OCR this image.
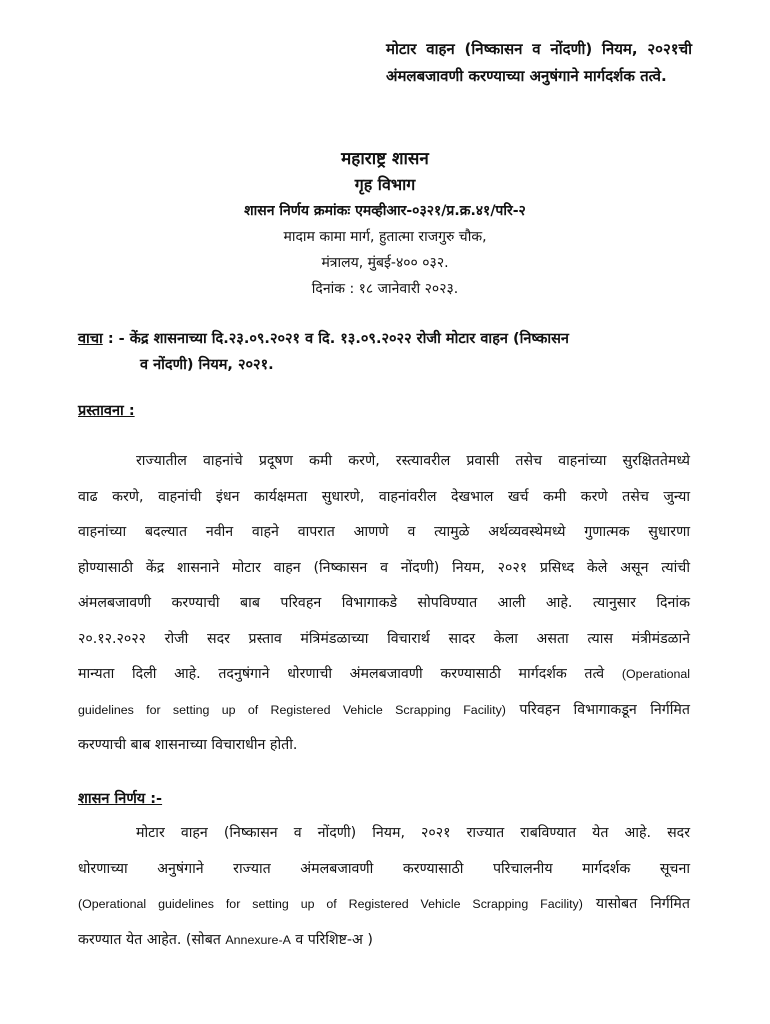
मोटार वाहन (निष्कासन व नोंदणी) नियम, २०२१ची अंमलबजावणी करण्याच्या अनुषंगाने मार्गदर्शक तत्वे.
महाराष्ट्र शासन
गृह विभाग
शासन निर्णय क्रमांकः एमव्हीआर-०३२१/प्र.क्र.४१/परि-२
मादाम कामा मार्ग, हुतात्मा राजगुरु चौक,
मंत्रालय, मुंबई-४०० ०३२.
दिनांक : १८ जानेवारी २०२३.
वाचा : - केंद्र शासनाच्या दि.२३.०९.२०२१ व दि. १३.०९.२०२२ रोजी मोटार वाहन (निष्कासन
व नोंदणी) नियम, २०२१.
प्रस्तावना :
राज्यातील वाहनांचे प्रदूषण कमी करणे, रस्त्यावरील प्रवासी तसेच वाहनांच्या सुरक्षिततेमध्ये
वाढ करणे, वाहनांची इंधन कार्यक्षमता सुधारणे, वाहनांवरील देखभाल खर्च कमी करणे तसेच जुन्या
वाहनांच्या बदल्यात नवीन वाहने वापरात आणणे व त्यामुळे अर्थव्यवस्थेमध्ये गुणात्मक सुधारणा
होण्यासाठी केंद्र शासनाने मोटार वाहन (निष्कासन व नोंदणी) नियम, २०२१ प्रसिध्द केले असून त्यांची
अंमलबजावणी करण्याची बाब परिवहन विभागाकडे सोपविण्यात आली आहे. त्यानुसार दिनांक
२०.१२.२०२२ रोजी सदर प्रस्ताव मंत्रिमंडळाच्या विचारार्थ सादर केला असता त्यास मंत्रीमंडळाने
मान्यता दिली आहे. तदनुषंगाने धोरणाची अंमलबजावणी करण्यासाठी मार्गदर्शक तत्वे (Operational
guidelines for setting up of Registered Vehicle Scrapping Facility) परिवहन विभागाकडून निर्गमित
करण्याची बाब शासनाच्या विचाराधीन होती.
शासन निर्णय :-
मोटार वाहन (निष्कासन व नोंदणी) नियम, २०२१ राज्यात राबविण्यात येत आहे. सदर
धोरणाच्या अनुषंगाने राज्यात अंमलबजावणी करण्यासाठी परिचालनीय मार्गदर्शक सूचना
(Operational guidelines for setting up of Registered Vehicle Scrapping Facility) यासोबत निर्गमित
करण्यात येत आहेत. (सोबत Annexure-A व परिशिष्ट-अ )
